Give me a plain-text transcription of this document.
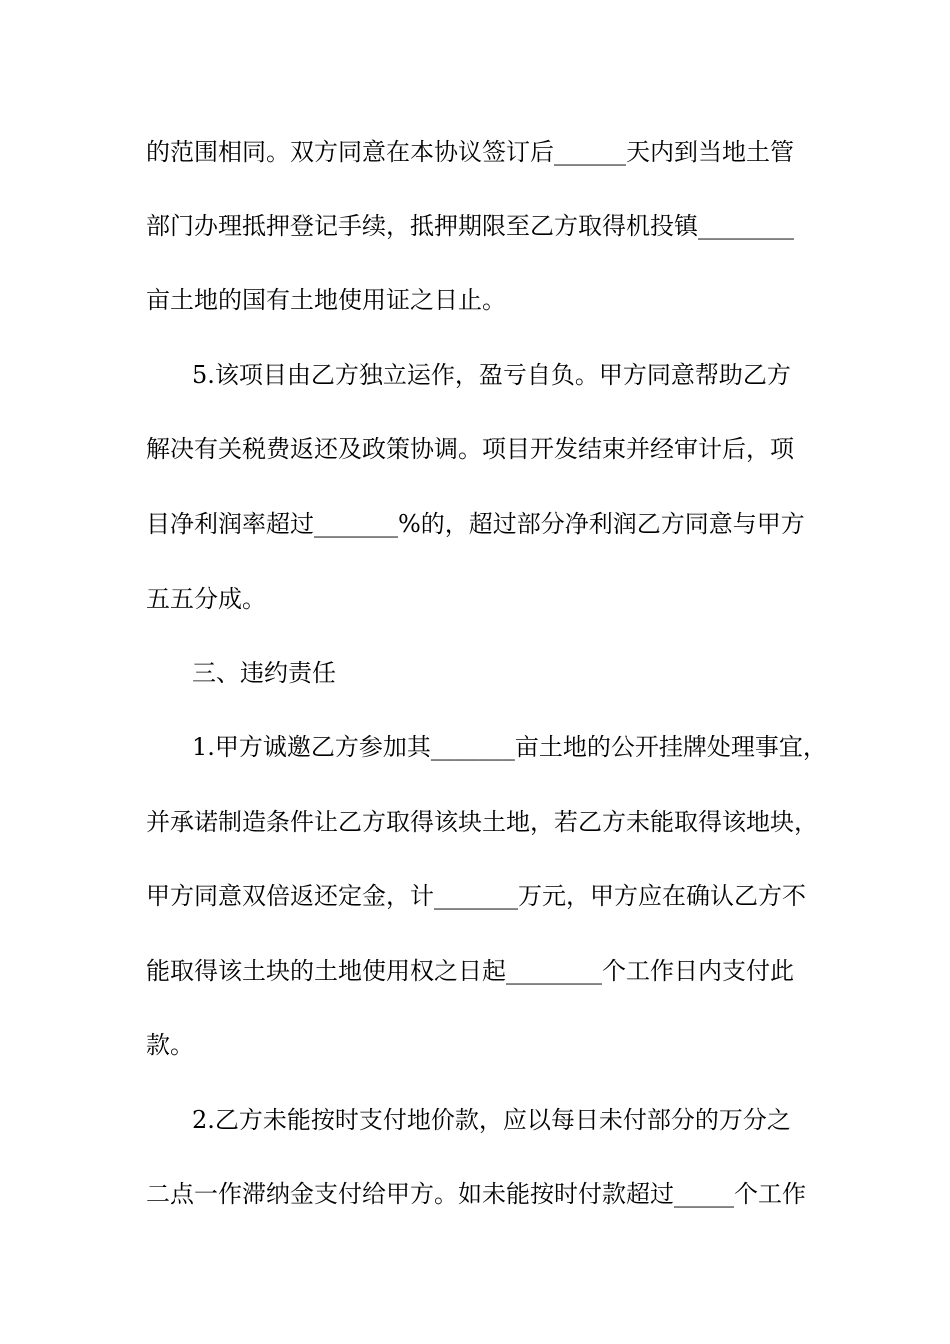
的范围相同。双方同意在本协议签订后______天内到当地土管
部门办理抵押登记手续，抵押期限至乙方取得机投镇________
亩土地的国有土地使用证之日止。
5.该项目由乙方独立运作，盈亏自负。甲方同意帮助乙方
解决有关税费返还及政策协调。项目开发结束并经审计后，项
目净利润率超过_______%的，超过部分净利润乙方同意与甲方
五五分成。
三、违约责任
1.甲方诚邀乙方参加其_______亩土地的公开挂牌处理事宜，
并承诺制造条件让乙方取得该块土地，若乙方未能取得该地块，
甲方同意双倍返还定金，计_______万元，甲方应在确认乙方不
能取得该土块的土地使用权之日起________个工作日内支付此
款。
2.乙方未能按时支付地价款，应以每日未付部分的万分之
二点一作滞纳金支付给甲方。如未能按时付款超过_____个工作
